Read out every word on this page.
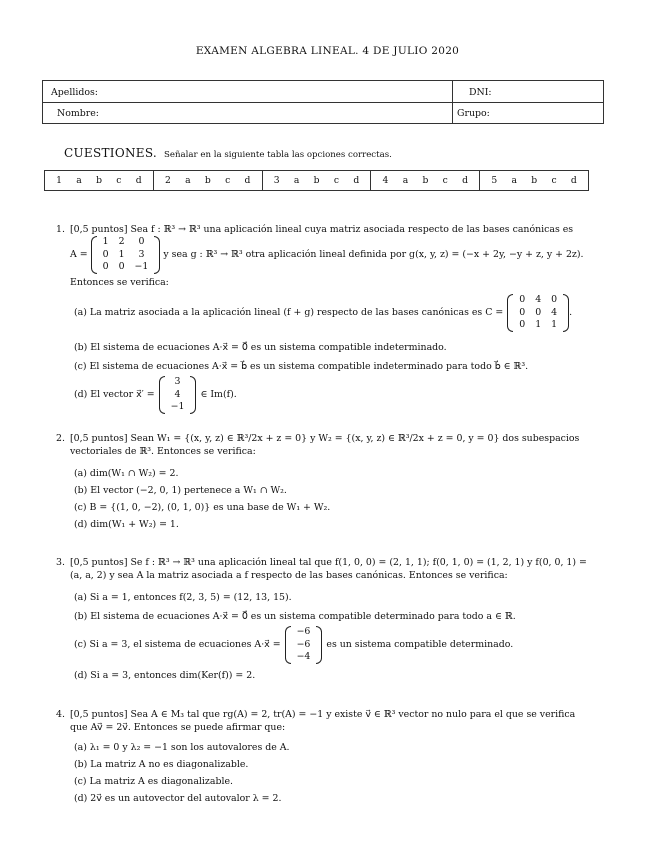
EXAMEN ALGEBRA LINEAL. 4 DE JULIO 2020
Apellidos:	DNI:
Nombre:	Grupo:
CUESTIONES. Señalar en la siguiente tabla las opciones correctas.
1 a b c d	2 a b c d	3 a b c d	4 a b c d	5 a b c d
1. [0,5 puntos] Sea f : ℝ³ → ℝ³ una aplicación lineal cuya matriz asociada respecto de las bases canónicas es
A =
1	2	0
0	1	3
0	0	−1
y sea g : ℝ³ → ℝ³ otra aplicación lineal definida por g(x, y, z) = (−x + 2y, −y + z, y + 2z).
Entonces se verifica:
(a) La matriz asociada a la aplicación lineal (f + g) respecto de las bases canónicas es C =
0	4	0
0	0	4
0	1	1
.
(b) El sistema de ecuaciones A·x⃗ = 0⃗ es un sistema compatible indeterminado.
(c) El sistema de ecuaciones A·x⃗ = b⃗ es un sistema compatible indeterminado para todo b⃗ ∈ ℝ³.
(d) El vector x⃗′ =
3
4
−1
∈ Im(f).
2. [0,5 puntos] Sean W₁ = {(x, y, z) ∈ ℝ³/2x + z = 0} y W₂ = {(x, y, z) ∈ ℝ³/2x + z = 0, y = 0} dos subespacios
vectoriales de ℝ³. Entonces se verifica:
(a) dim(W₁ ∩ W₂) = 2.
(b) El vector (−2, 0, 1) pertenece a W₁ ∩ W₂.
(c) B = {(1, 0, −2), (0, 1, 0)} es una base de W₁ + W₂.
(d) dim(W₁ + W₂) = 1.
3. [0,5 puntos] Se f : ℝ³ → ℝ³ una aplicación lineal tal que f(1, 0, 0) = (2, 1, 1); f(0, 1, 0) = (1, 2, 1) y f(0, 0, 1) =
(a, a, 2) y sea A la matriz asociada a f respecto de las bases canónicas. Entonces se verifica:
(a) Si a = 1, entonces f(2, 3, 5) = (12, 13, 15).
(b) El sistema de ecuaciones A·x⃗ = 0⃗ es un sistema compatible determinado para todo a ∈ ℝ.
(c) Si a = 3, el sistema de ecuaciones A·x⃗ =
−6
−6
−4
es un sistema compatible determinado.
(d) Si a = 3, entonces dim(Ker(f)) = 2.
4. [0,5 puntos] Sea A ∈ M₃ tal que rg(A) = 2, tr(A) = −1 y existe v⃗ ∈ ℝ³ vector no nulo para el que se verifica
que Av⃗ = 2v⃗. Entonces se puede afirmar que:
(a) λ₁ = 0 y λ₂ = −1 son los autovalores de A.
(b) La matriz A no es diagonalizable.
(c) La matriz A es diagonalizable.
(d) 2v⃗ es un autovector del autovalor λ = 2.
